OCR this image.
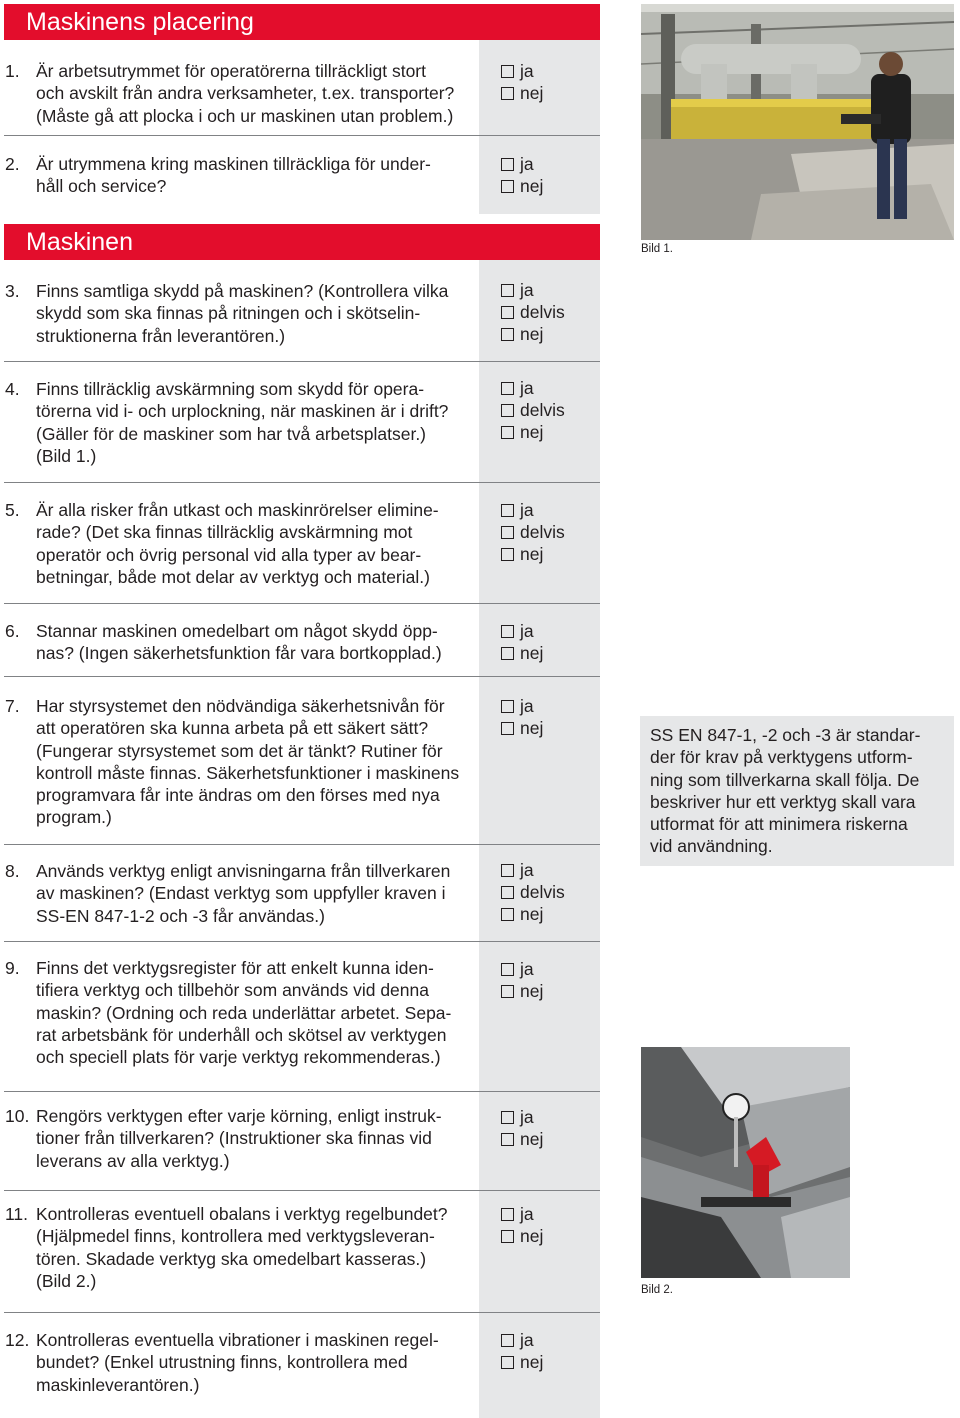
Maskinens placering
1. Är arbetsutrymmet för operatörerna tillräckligt stort
och avskilt från andra verksamheter, t.ex. transporter?
(Måste gå att plocka i och ur maskinen utan problem.)
ja
nej
2. Är utrymmena kring maskinen tillräckliga för under-
håll och service?
ja
nej
Maskinen
3. Finns samtliga skydd på maskinen? (Kontrollera vilka
skydd som ska finnas på ritningen och i skötselin-
struktionerna från leverantören.)
ja
delvis
nej
4. Finns tillräcklig avskärmning som skydd för opera-
törerna vid i- och urplockning, när maskinen är i drift?
(Gäller för de maskiner som har två arbetsplatser.)
(Bild 1.)
ja
delvis
nej
5. Är alla risker från utkast och maskinrörelser elimine-
rade? (Det ska finnas tillräcklig avskärmning mot
operatör och övrig personal vid alla typer av bear-
betningar, både mot delar av verktyg och material.)
ja
delvis
nej
6. Stannar maskinen omedelbart om något skydd öpp-
nas? (Ingen säkerhetsfunktion får vara bortkopplad.)
ja
nej
7. Har styrsystemet den nödvändiga säkerhetsnivån för
att operatören ska kunna arbeta på ett säkert sätt?
(Fungerar styrsystemet som det är tänkt? Rutiner för
kontroll måste finnas. Säkerhetsfunktioner i maskinens
programvara får inte ändras om den förses med nya
program.)
ja
nej
8. Används verktyg enligt anvisningarna från tillverkaren
av maskinen? (Endast verktyg som uppfyller kraven i
SS-EN 847-1-2 och -3 får användas.)
ja
delvis
nej
9. Finns det verktygsregister för att enkelt kunna iden-
tifiera verktyg och tillbehör som används vid denna
maskin? (Ordning och reda underlättar arbetet. Sepa-
rat arbetsbänk för underhåll och skötsel av verktygen
och speciell plats för varje verktyg rekommenderas.)
ja
nej
10. Rengörs verktygen efter varje körning, enligt instruk-
tioner från tillverkaren? (Instruktioner ska finnas vid
leverans av alla verktyg.)
ja
nej
11. Kontrolleras eventuell obalans i verktyg regelbundet?
(Hjälpmedel finns, kontrollera med verktygsleveran-
tören. Skadade verktyg ska omedelbart kasseras.)
(Bild 2.)
ja
nej
12. Kontrolleras eventuella vibrationer i maskinen regel-
bundet? (Enkel utrustning finns, kontrollera med
maskinleverantören.)
ja
nej
Bild 1.
SS EN 847-1, -2 och -3 är standar-
der för krav på verktygens utform-
ning som tillverkarna skall följa. De
beskriver hur ett verktyg skall vara
utformat för att minimera riskerna
vid användning.
Bild 2.
